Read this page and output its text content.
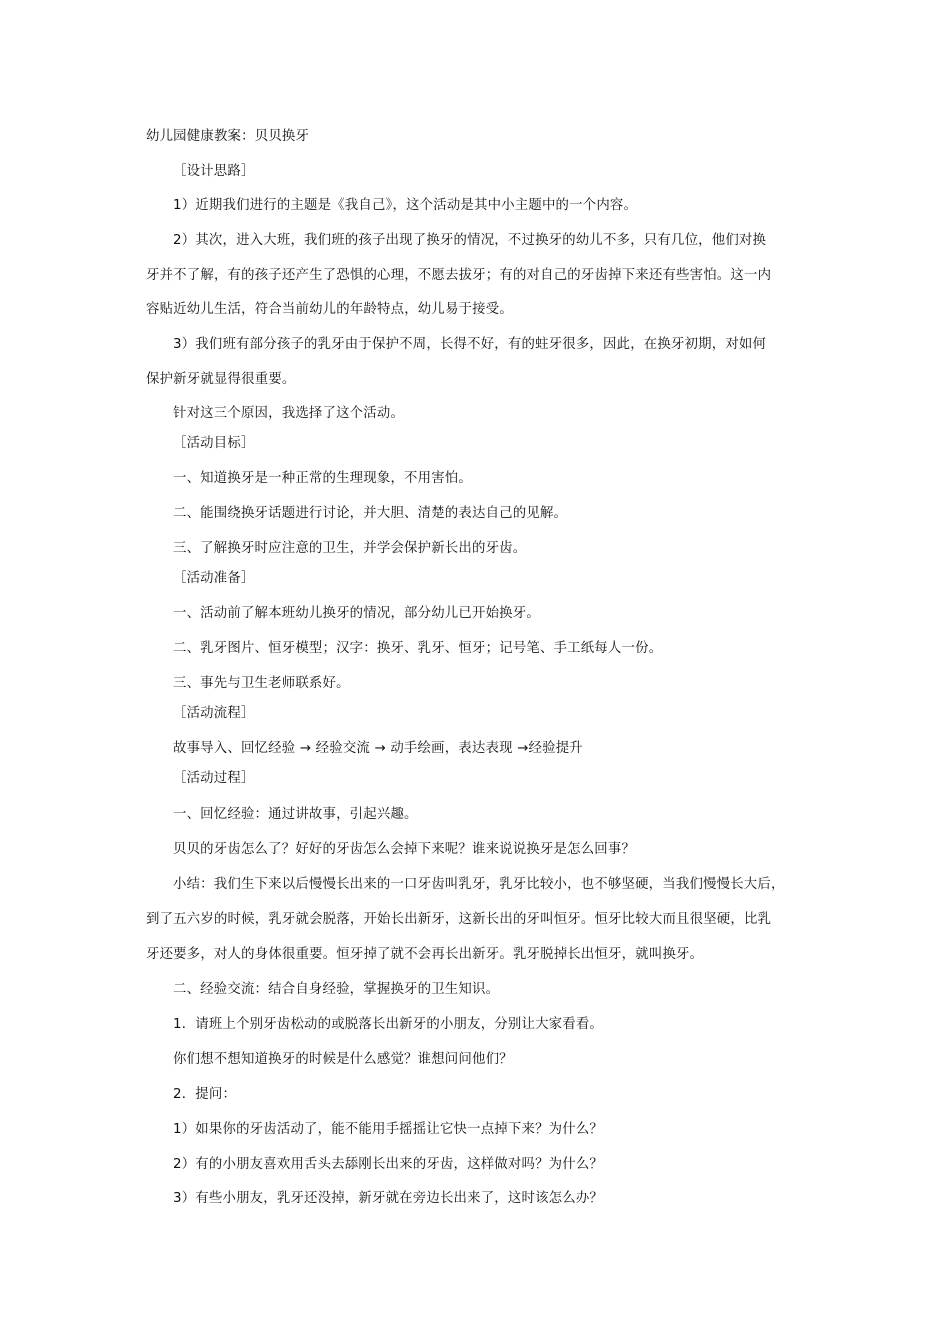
幼儿园健康教案：贝贝换牙
［设计思路］
1）近期我们进行的主题是《我自己》，这个活动是其中小主题中的一个内容。
2）其次，进入大班，我们班的孩子出现了换牙的情况，不过换牙的幼儿不多，只有几位，他们对换
牙并不了解，有的孩子还产生了恐惧的心理，不愿去拔牙；有的对自己的牙齿掉下来还有些害怕。这一内
容贴近幼儿生活，符合当前幼儿的年龄特点，幼儿易于接受。
3）我们班有部分孩子的乳牙由于保护不周，长得不好，有的蛀牙很多，因此，在换牙初期，对如何
保护新牙就显得很重要。
针对这三个原因，我选择了这个活动。
［活动目标］
一、知道换牙是一种正常的生理现象，不用害怕。
二、能围绕换牙话题进行讨论，并大胆、清楚的表达自己的见解。
三、了解换牙时应注意的卫生，并学会保护新长出的牙齿。
［活动准备］
一、活动前了解本班幼儿换牙的情况，部分幼儿已开始换牙。
二、乳牙图片、恒牙模型；汉字：换牙、乳牙、恒牙；记号笔、手工纸每人一份。
三、事先与卫生老师联系好。
［活动流程］
故事导入、回忆经验 → 经验交流 → 动手绘画，表达表现 →经验提升
［活动过程］
一、回忆经验：通过讲故事，引起兴趣。
贝贝的牙齿怎么了？好好的牙齿怎么会掉下来呢？谁来说说换牙是怎么回事？
小结：我们生下来以后慢慢长出来的一口牙齿叫乳牙，乳牙比较小，也不够坚硬，当我们慢慢长大后，
到了五六岁的时候，乳牙就会脱落，开始长出新牙，这新长出的牙叫恒牙。恒牙比较大而且很坚硬，比乳
牙还要多，对人的身体很重要。恒牙掉了就不会再长出新牙。乳牙脱掉长出恒牙，就叫换牙。
二、经验交流：结合自身经验，掌握换牙的卫生知识。
1．请班上个别牙齿松动的或脱落长出新牙的小朋友，分别让大家看看。
你们想不想知道换牙的时候是什么感觉？谁想问问他们？
2．提问：
1）如果你的牙齿活动了，能不能用手摇摇让它快一点掉下来？为什么？
2）有的小朋友喜欢用舌头去舔刚长出来的牙齿，这样做对吗？为什么？
3）有些小朋友，乳牙还没掉，新牙就在旁边长出来了，这时该怎么办？
